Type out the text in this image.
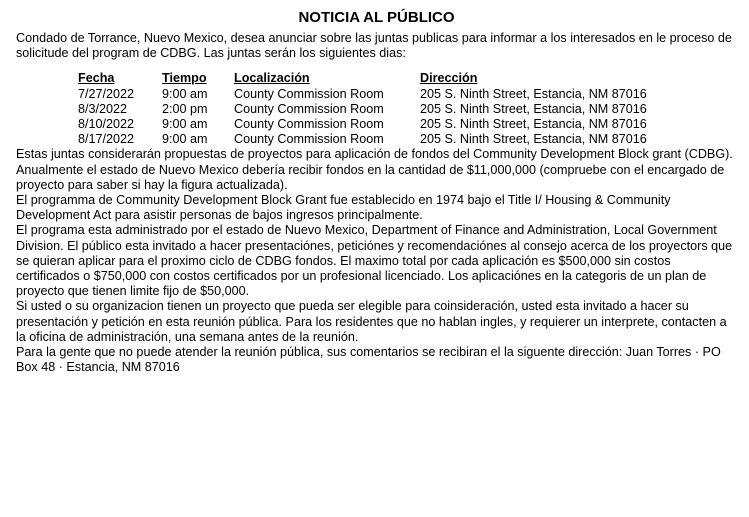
NOTICIA AL PÚBLICO

Condado de Torrance, Nuevo Mexico, desea anunciar sobre las juntas publicas para informar a los interesados en le proceso de solicitude del program de CDBG. Las juntas serán los siguientes dias:

Fecha	Tiempo	Localización	Dirección
7/27/2022	9:00 am	County Commission Room	205 S. Ninth Street, Estancia, NM 87016
8/3/2022	2:00 pm	County Commission Room	205 S. Ninth Street, Estancia, NM 87016
8/10/2022	9:00 am	County Commission Room	205 S. Ninth Street, Estancia, NM 87016
8/17/2022	9:00 am	County Commission Room	205 S. Ninth Street, Estancia, NM 87016

Estas juntas considerarán propuestas de proyectos para aplicación de fondos del Community Development Block grant (CDBG). Anualmente el estado de Nuevo Mexico debería recibir fondos en la cantidad de $11,000,000 (compruebe con el encargado de proyecto para saber si hay la figura actualizada).

El programma de Community Development Block Grant fue establecido en 1974 bajo el Title I/ Housing & Community Development Act para asistir personas de bajos ingresos principalmente.

El programa esta administrado por el estado de Nuevo Mexico, Department of Finance and Administration, Local Government Division. El público esta invitado a hacer presentaciónes, peticiónes y recomendaciónes al consejo acerca de los proyectors que se quieran aplicar para el proximo ciclo de CDBG fondos. El maximo total por cada aplicación es $500,000 sin costos certificados o $750,000 con costos certificados por un profesional licenciado. Los aplicaciónes en la categoris de un plan de proyecto que tienen limite fijo de $50,000.

Si usted o su organizacion tienen un proyecto que pueda ser elegible para coinsideración, usted esta invitado a hacer su presentación y petición en esta reunión pública. Para los residentes que no hablan ingles, y requierer un interprete, contacten a la oficina de administración, una semana antes de la reunión.

Para la gente que no puede atender la reunión pública, sus comentarios se recibiran el la siguente dirección: Juan Torres · PO Box 48 · Estancia, NM 87016
